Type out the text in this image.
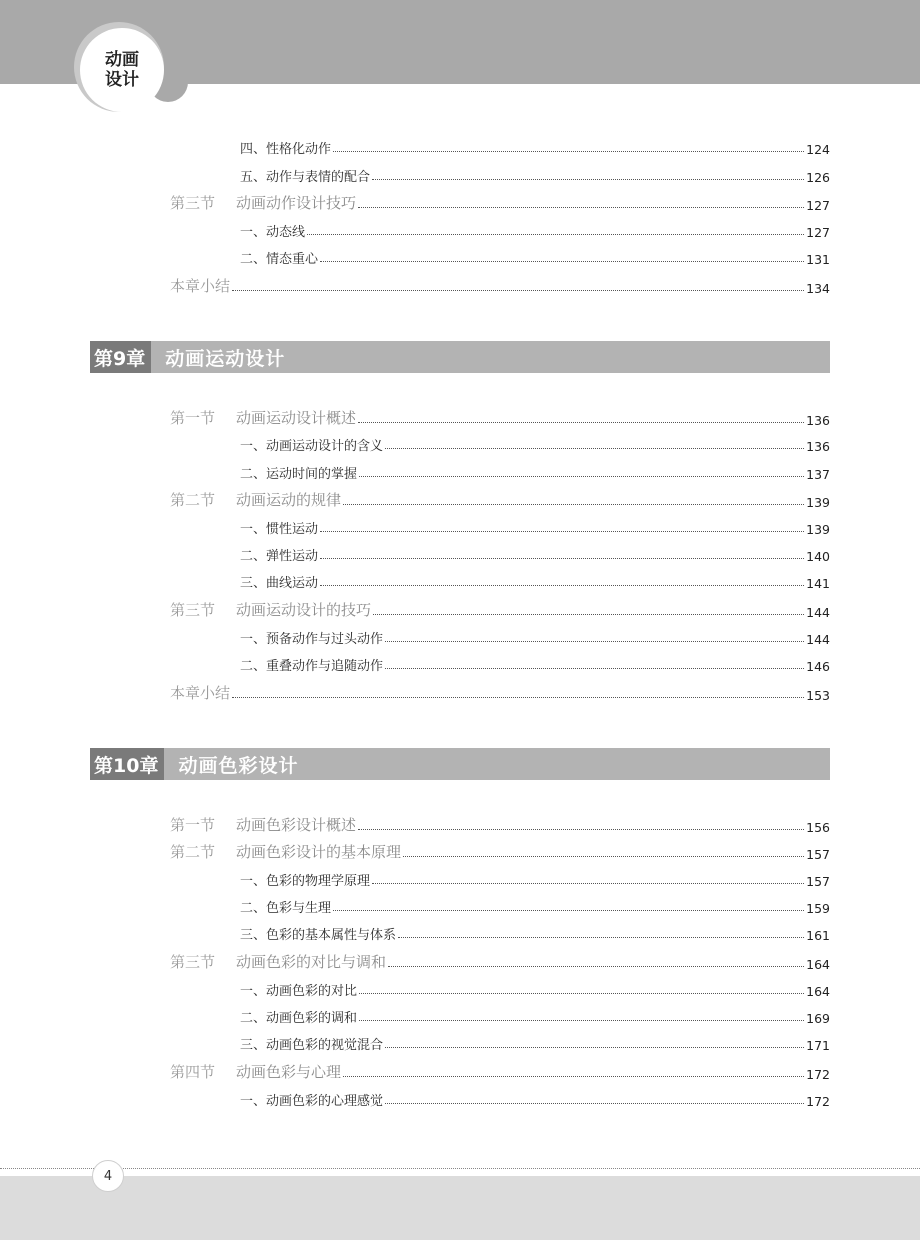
动画
设计
四、性格化动作	124
五、动作与表情的配合	126
第三节 动画动作设计技巧	127
一、动态线	127
二、情态重心	131
本章小结	134
第一节 动画运动设计概述	136
一、动画运动设计的含义	136
二、运动时间的掌握	137
第二节 动画运动的规律	139
一、惯性运动	139
二、弹性运动	140
三、曲线运动	141
第三节 动画运动设计的技巧	144
一、预备动作与过头动作	144
二、重叠动作与追随动作	146
本章小结	153
第一节 动画色彩设计概述	156
第二节 动画色彩设计的基本原理	157
一、色彩的物理学原理	157
二、色彩与生理	159
三、色彩的基本属性与体系	161
第三节 动画色彩的对比与调和	164
一、动画色彩的对比	164
二、动画色彩的调和	169
三、动画色彩的视觉混合	171
第四节 动画色彩与心理	172
一、动画色彩的心理感觉	172
第9章	动画运动设计
第10章	动画色彩设计
4
